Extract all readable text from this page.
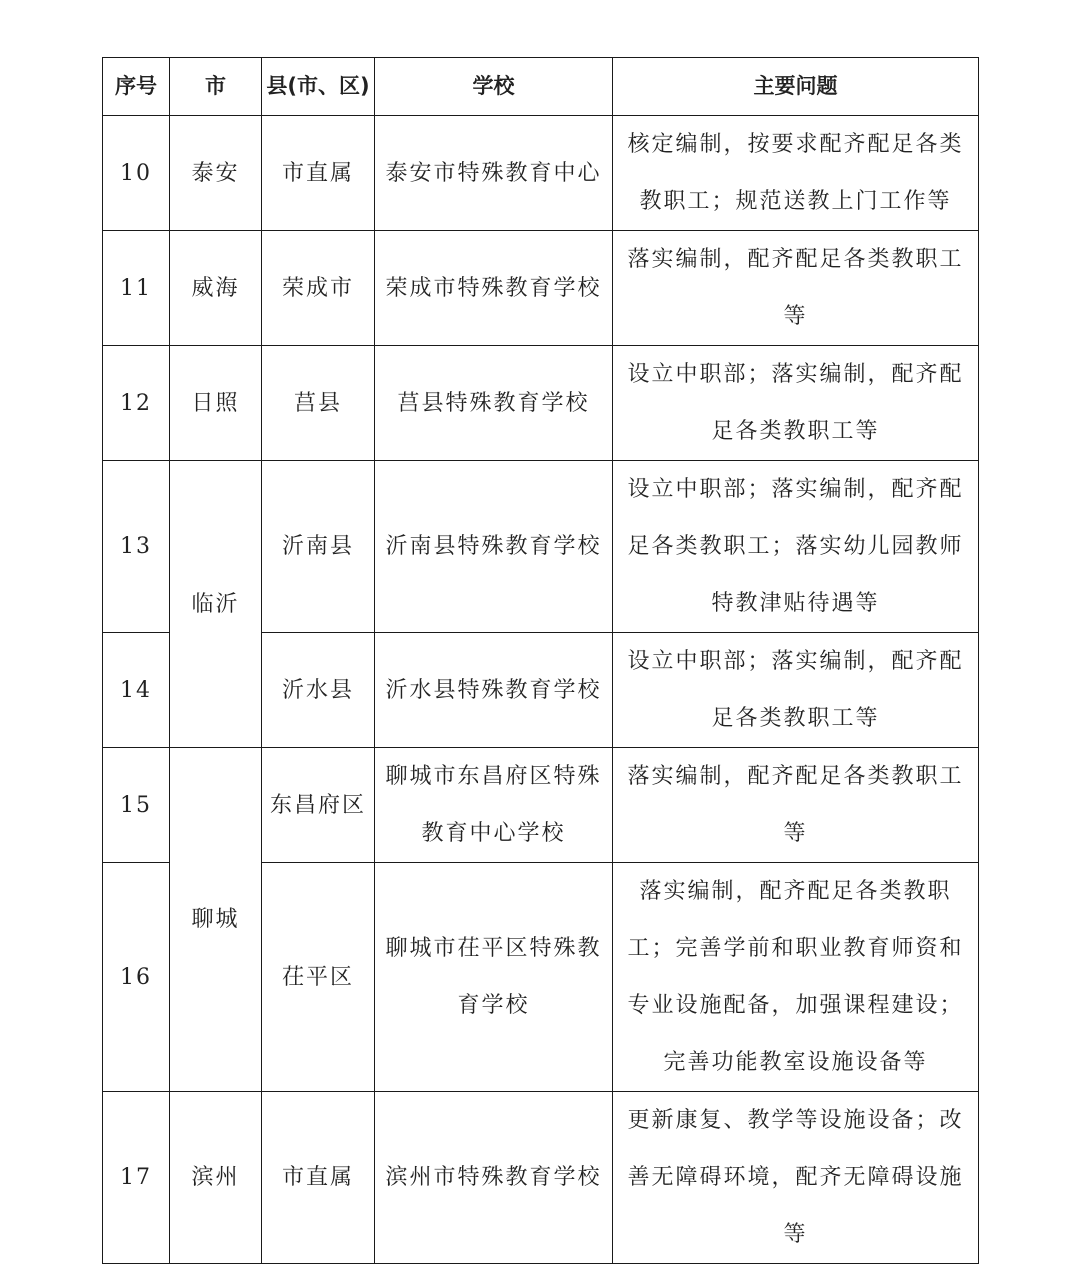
序号	市	县(市、区)	学校	主要问题
10	泰安	市直属	泰安市特殊教育中心	核定编制，按要求配齐配足各类教职工；规范送教上门工作等
11	威海	荣成市	荣成市特殊教育学校	落实编制，配齐配足各类教职工等
12	日照	莒县	莒县特殊教育学校	设立中职部；落实编制，配齐配足各类教职工等
13	临沂	沂南县	沂南县特殊教育学校	设立中职部；落实编制，配齐配足各类教职工；落实幼儿园教师特教津贴待遇等
14		沂水县	沂水县特殊教育学校	设立中职部；落实编制，配齐配足各类教职工等
15	聊城	东昌府区	聊城市东昌府区特殊教育中心学校	落实编制，配齐配足各类教职工等
16		茌平区	聊城市茌平区特殊教育学校	落实编制，配齐配足各类教职工；完善学前和职业教育师资和专业设施配备，加强课程建设；完善功能教室设施设备等
17	滨州	市直属	滨州市特殊教育学校	更新康复、教学等设施设备；改善无障碍环境，配齐无障碍设施等
